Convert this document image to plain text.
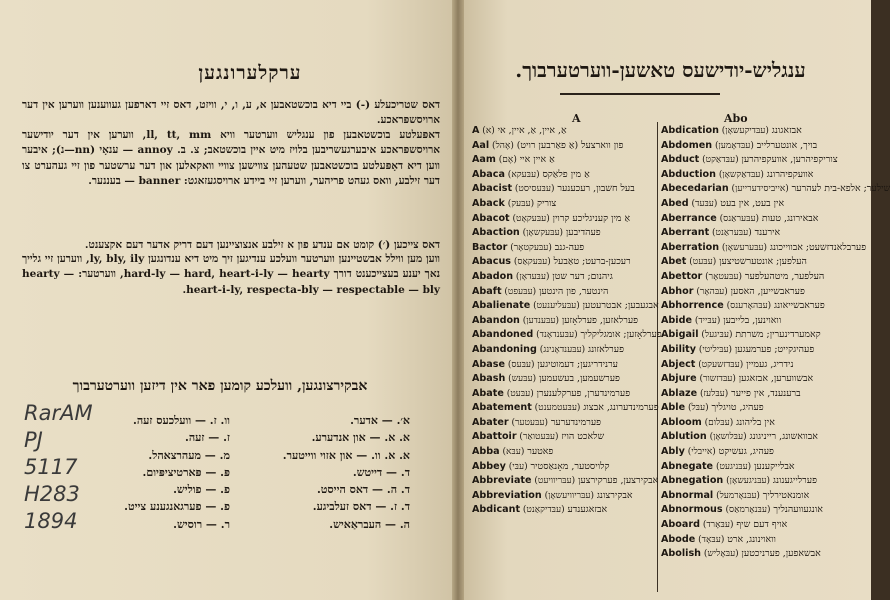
ערקלערונגען
דאס שטריכעלע (-) ביי דיא בוכשטאבען א, ע, ו, י, וויזט, דאס זיי דארפען געווענען ווערען אין דער ארויסשפּראכע.
דאפּעלטע בוכשטאבען פון ענגליש ווערטער וויא ll, tt, mm, ווערען אין דער יודישער ארויסשפּראכע איבערגעשריבען בלויז מיט איין בוכשטאב; צ. ב. annoy — ענאָי (nn—נ); איבער ווען דיא דאָפּעלטע בוכשטאבען שטעהען צווישען צוויי וואקאלען און דער ערשטער פון זיי געהערט צו דער זילבע, וואס געהט פריהער, ווערען זיי ביידע ארויסגעזאגט: banner — בעננער.
דאס צייכען (׳) קומט אם ענדע פון א זילבע אנצוציינען דעם דריק אדער דעם אקצענט.
ווען מען ווילל אבשטיינען ווערטער וועלכע ענדיגען זיך מיט דיא ענדונגען ly, bly, ily, ווערען זיי גלייך נאך יענע בעצייכענט דורך hard-ly — hard, heart-i-ly — hearty, ווערטער: hearty — heart-i-ly, respecta-bly — respectable — bly.
אבקירצונגען, וועלכע קומען פאר אין דיזען ווערטערבוך
א׳. — אדער.
א. א. — און אנדערע.
א. א. וו. — און אזוי ווייטער.
ד. — דייטש.
ד. ה. — דאס הייסט.
ד. ז. — דאס זעלביגע.
ה. — העבראַאיש.
וו. ז. — וועלכעס זעה.
ז. — זעה.
מ. — מעהרצאהל.
פּ. — פּארטיציפּיום.
פ. — פוליש.
פ. — פערגאנגענע צייט.
ר. — רוסיש.
RarAM
PJ
5117
H283
1894
ענגליש-יודישעס טאשען-ווערטערבוך.
A	Abo
A (א) אַ, איין, אַ, איין, אי
Aal (אֶהל) פון ווארצעל (אַ פאַרבען רויט)
Aam (אֶם) אַ איין איי
Abaca (עבּעקא) אַ מין פלאַקס
Abacist (עבּעסיסט) בעל חשבון, רעכענער
Aback (עבּעק) צוריק
Abacot (עבּעקאָט) אַ מין קעניגליכע קרוין
Abaction (עבּעקשאָן) פעהדיבען
Bactor (עבּעקטאָר) פעה-גנב
Abacus (עבּעקאַס) רעכען-ברעט; טאַבעל
Abadon (עבּעדאָן) גיהנום; דער שטן
Abaft (עבּעפט) הינטער, פון הינטען
Abalienate (עבּעליענעט) אבגעבען; אבטרעטען
Abandon (עבּענדען) פערלאזען, פערלאָזען
Abandoned (עבּענדאָנד) פערלאָזען; אומגליקליך
Abandoning (עבּענדאָנינג) פערלאזונג
Abase (עבּעס) ערנידריגען; דעמוטיגען
Abash (עבּעש) פערשעמען, בעשעמען
Abate (עבּעט) פערמינדערן, פערקלענערן
Abatement (עבּעטמענט) פערמינדערונג, אבצוג
Abater (עבּעטער) פערמינדערער
Abattoir (עבּעטואַר) שלאכט הויז
Abba (עבּא) פאטער
Abbey (עבּי) קלויסטער, מאָנאַסטיר
Abbreviate (עבּריוויעט) אבקירצען, פערקירצען
Abbreviation (עבּריוויעשאָן) אבקירצונג
Abdicant (עבּדיקאַנט) אבזאגענדע
Abdication (עבּדיקעשאָן) אבזאגונג
Abdomen (עבּדאָמען) בויך, אונטערלייב
Abduct (עבּדאַקט) צוריקפיהרען, אוועקפיהרען
Abduction (עבּדאַקשאָן) אוועקפיהרונג
Abecedarian (אייביסידערייען) שילער; אלפא-בית לעהרער
Abed (עבּעד) אין בעט, אין בעט
Aberrance (עבּעראַנס) אבאירונג, טעות
Aberrant (עבּעראַנט) אירענד
Aberration (עבּערעשאָן) פערבלאנדזשעט; אבווייכונג
Abet (עבּעט) העלפען; אונטערשטיצען
Abettor (עבּעטאָר) העלפער, מיטהעלפער
Abhor (עבּהאָר) פעראבשייען, האסען
Abhorrence (עבּהאָרענס) פעראבשייאונג
Abide (עבּייד) וואוינען, בלייבען
Abigail (עבּיגעל) קאמערדינערין; משרתת
Ability (עבּיליטי) פעהיגקייט; פערמעגען
Abject (עבּדזשעקט) נידריג, געמיין
Abjure (עבּדזשור) אבשווערען, אבזאגען
Ablaze (עבּלעז) ברענענד, אין פייער
Able (עבּל) פעהיג, טויגליך
Abloom (עבּלום) אין בליהונג
Ablution (עבּלושאָן) אבוואשונג, רייניגונג
Ably (אייבלי) פעהיג, געשיקט
Abnegate (עבּניגעט) אבלייקענען
Abnegation (עבּניגעשאָן) פערלייגענונג
Abnormal (עבּנאָרמעל) אומנאטירליך
Abnormous (עבּנאָרמאַס) אונגעוועהנליך
Aboard (עבּאָרד) אויף דעם שיף
Abode (עבּאָד) וואוינונג, ארט
Abolish (עבּאָליש) אבשאפען, פערניכטען
